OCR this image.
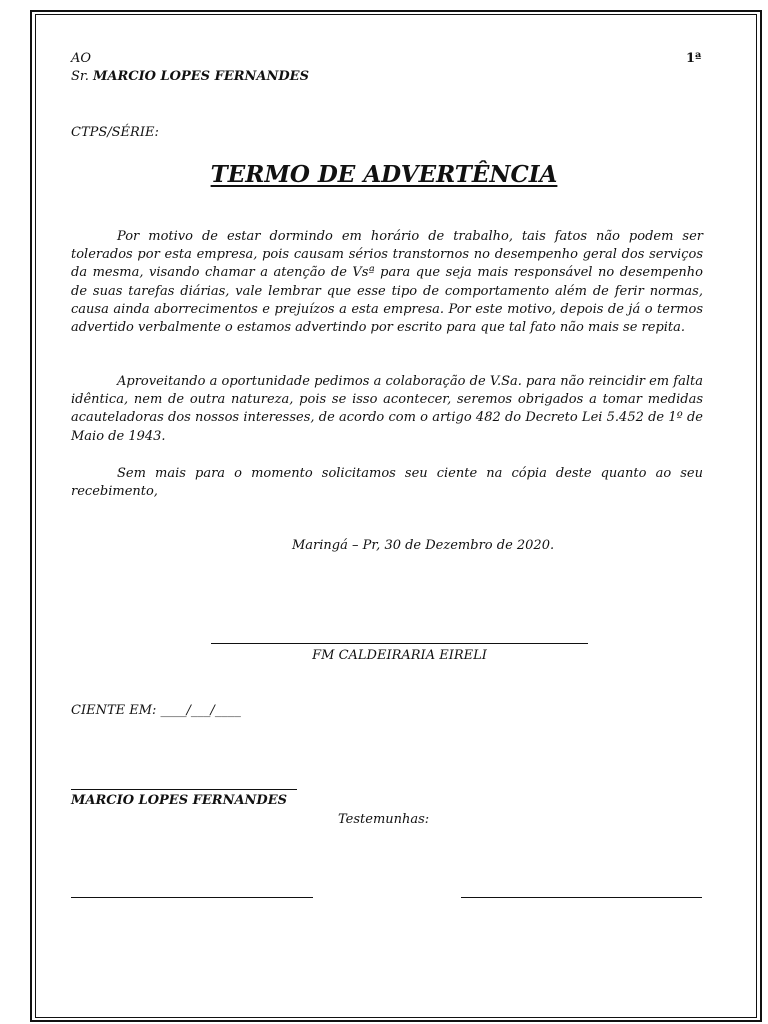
AO	1ª
Sr. MARCIO LOPES FERNANDES
CTPS/SÉRIE:
TERMO DE ADVERTÊNCIA

Por motivo de estar dormindo em horário de trabalho, tais fatos não podem ser tolerados por esta empresa, pois causam sérios transtornos no desempenho geral dos serviços da mesma, visando chamar a atenção de Vsª para que seja mais responsável no desempenho de suas tarefas diárias, vale lembrar que esse tipo de comportamento além de ferir normas, causa ainda aborrecimentos e prejuízos a esta empresa. Por este motivo, depois de já o termos advertido verbalmente o estamos advertindo por escrito para que tal fato não mais se repita.

Aproveitando a oportunidade pedimos a colaboração de V.Sa. para não reincidir em falta idêntica, nem de outra natureza, pois se isso acontecer, seremos obrigados a tomar medidas acauteladoras dos nossos interesses, de acordo com o artigo 482 do Decreto Lei 5.452 de 1º de Maio de 1943.

Sem mais para o momento solicitamos seu ciente na cópia deste quanto ao seu recebimento,

Maringá – Pr, 30 de Dezembro de 2020.
FM CALDEIRARIA EIRELI
CIENTE EM: ____/___/____
MARCIO LOPES FERNANDES
Testemunhas:
